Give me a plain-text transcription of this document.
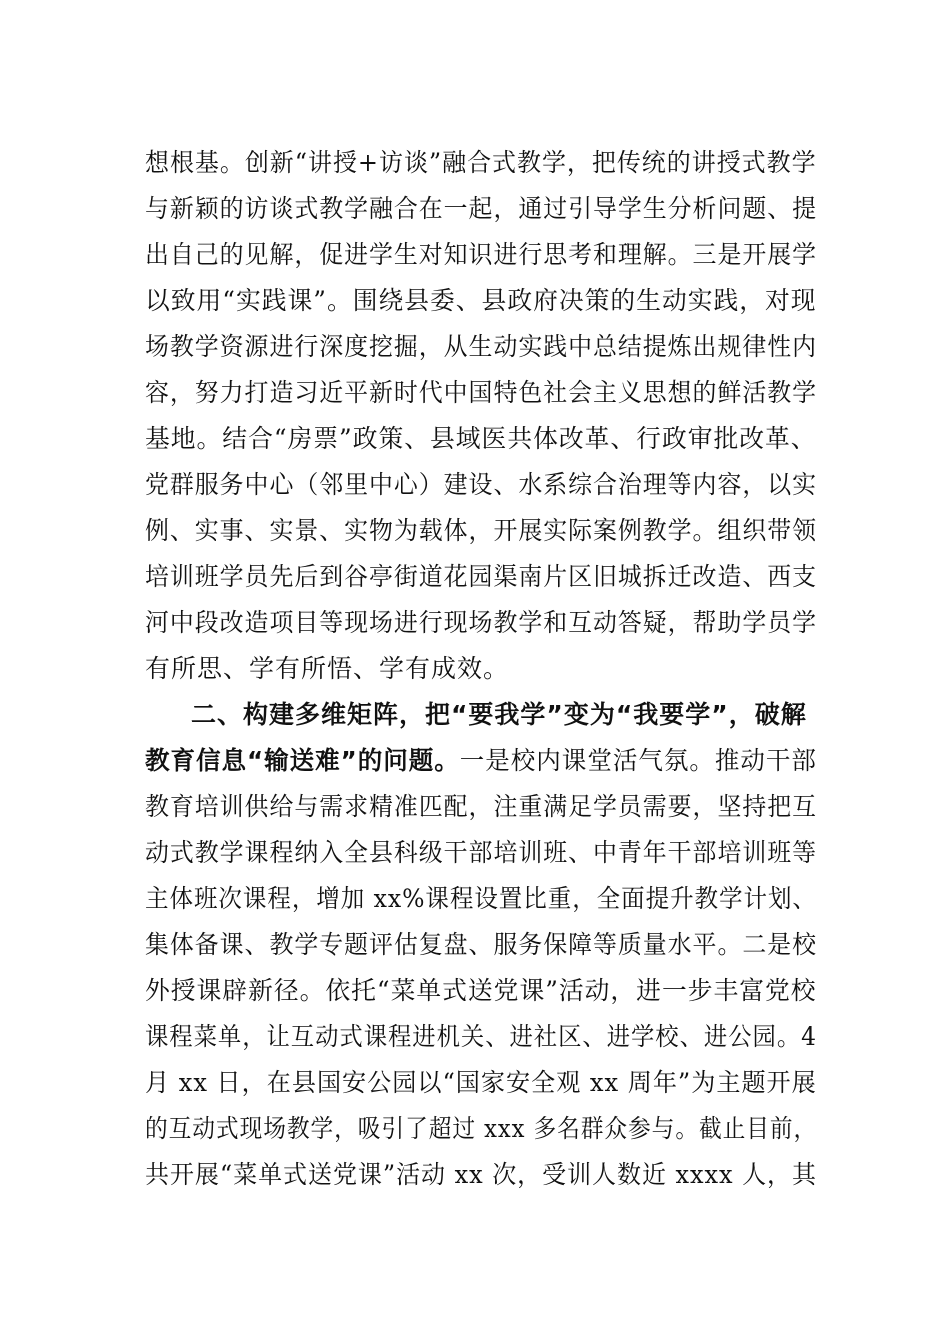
想根基。创新“讲授+访谈”融合式教学，把传统的讲授式教学
与新颖的访谈式教学融合在一起，通过引导学生分析问题、提
出自己的见解，促进学生对知识进行思考和理解。三是开展学
以致用“实践课”。围绕县委、县政府决策的生动实践，对现
场教学资源进行深度挖掘，从生动实践中总结提炼出规律性内
容，努力打造习近平新时代中国特色社会主义思想的鲜活教学
基地。结合“房票”政策、县域医共体改革、行政审批改革、
党群服务中心（邻里中心）建设、水系综合治理等内容，以实
例、实事、实景、实物为载体，开展实际案例教学。组织带领
培训班学员先后到谷亭街道花园渠南片区旧城拆迁改造、西支
河中段改造项目等现场进行现场教学和互动答疑，帮助学员学
有所思、学有所悟、学有成效。
二、构建多维矩阵，把“要我学”变为“我要学”，破解
教育信息“输送难”的问题。一是校内课堂活气氛。推动干部
教育培训供给与需求精准匹配，注重满足学员需要，坚持把互
动式教学课程纳入全县科级干部培训班、中青年干部培训班等
主体班次课程，增加 xx%课程设置比重，全面提升教学计划、
集体备课、教学专题评估复盘、服务保障等质量水平。二是校
外授课辟新径。依托“菜单式送党课”活动，进一步丰富党校
课程菜单，让互动式课程进机关、进社区、进学校、进公园。4
月 xx 日，在县国安公园以“国家安全观 xx 周年”为主题开展
的互动式现场教学，吸引了超过 xxx 多名群众参与。截止目前，
共开展“菜单式送党课”活动 xx 次，受训人数近 xxxx 人，其
